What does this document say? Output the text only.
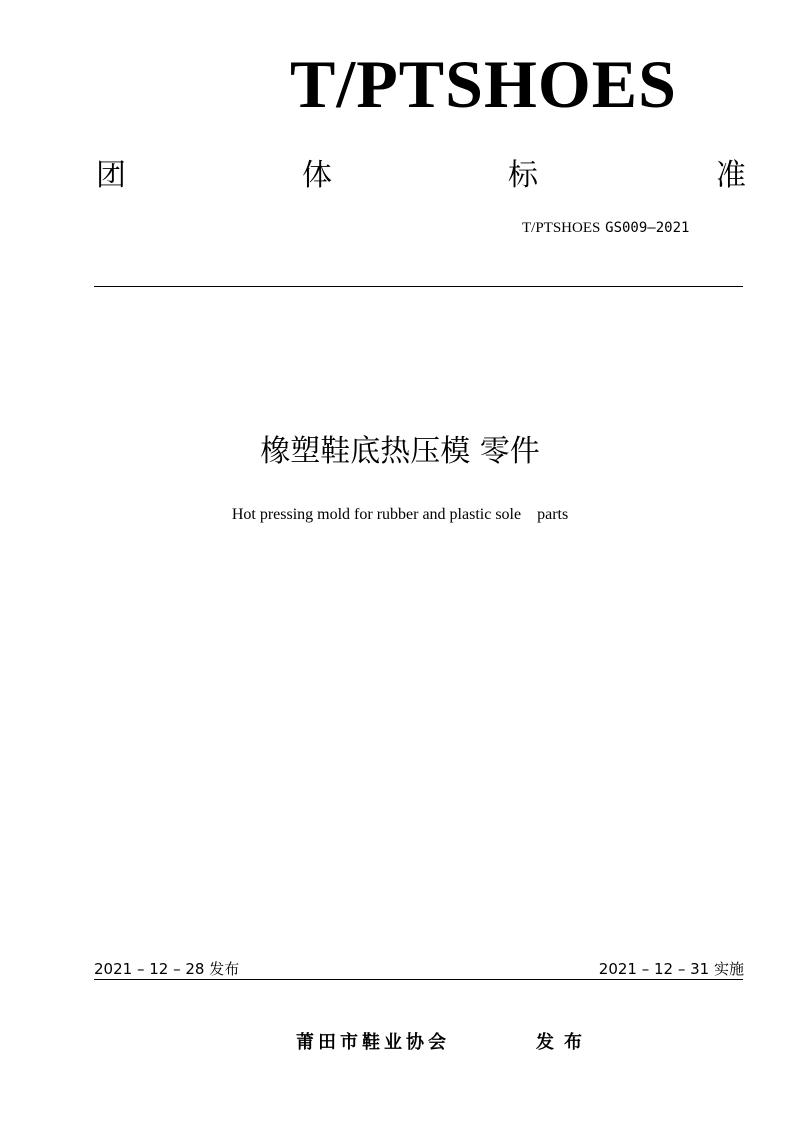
T/PTSHOES
团	体	标	准
T/PTSHOES GS009—2021
橡塑鞋底热压模 零件
Hot pressing mold for rubber and plastic sole    parts
2021 – 12 – 28 发布	2021 – 12 – 31 实施
莆田市鞋业协会	发布
